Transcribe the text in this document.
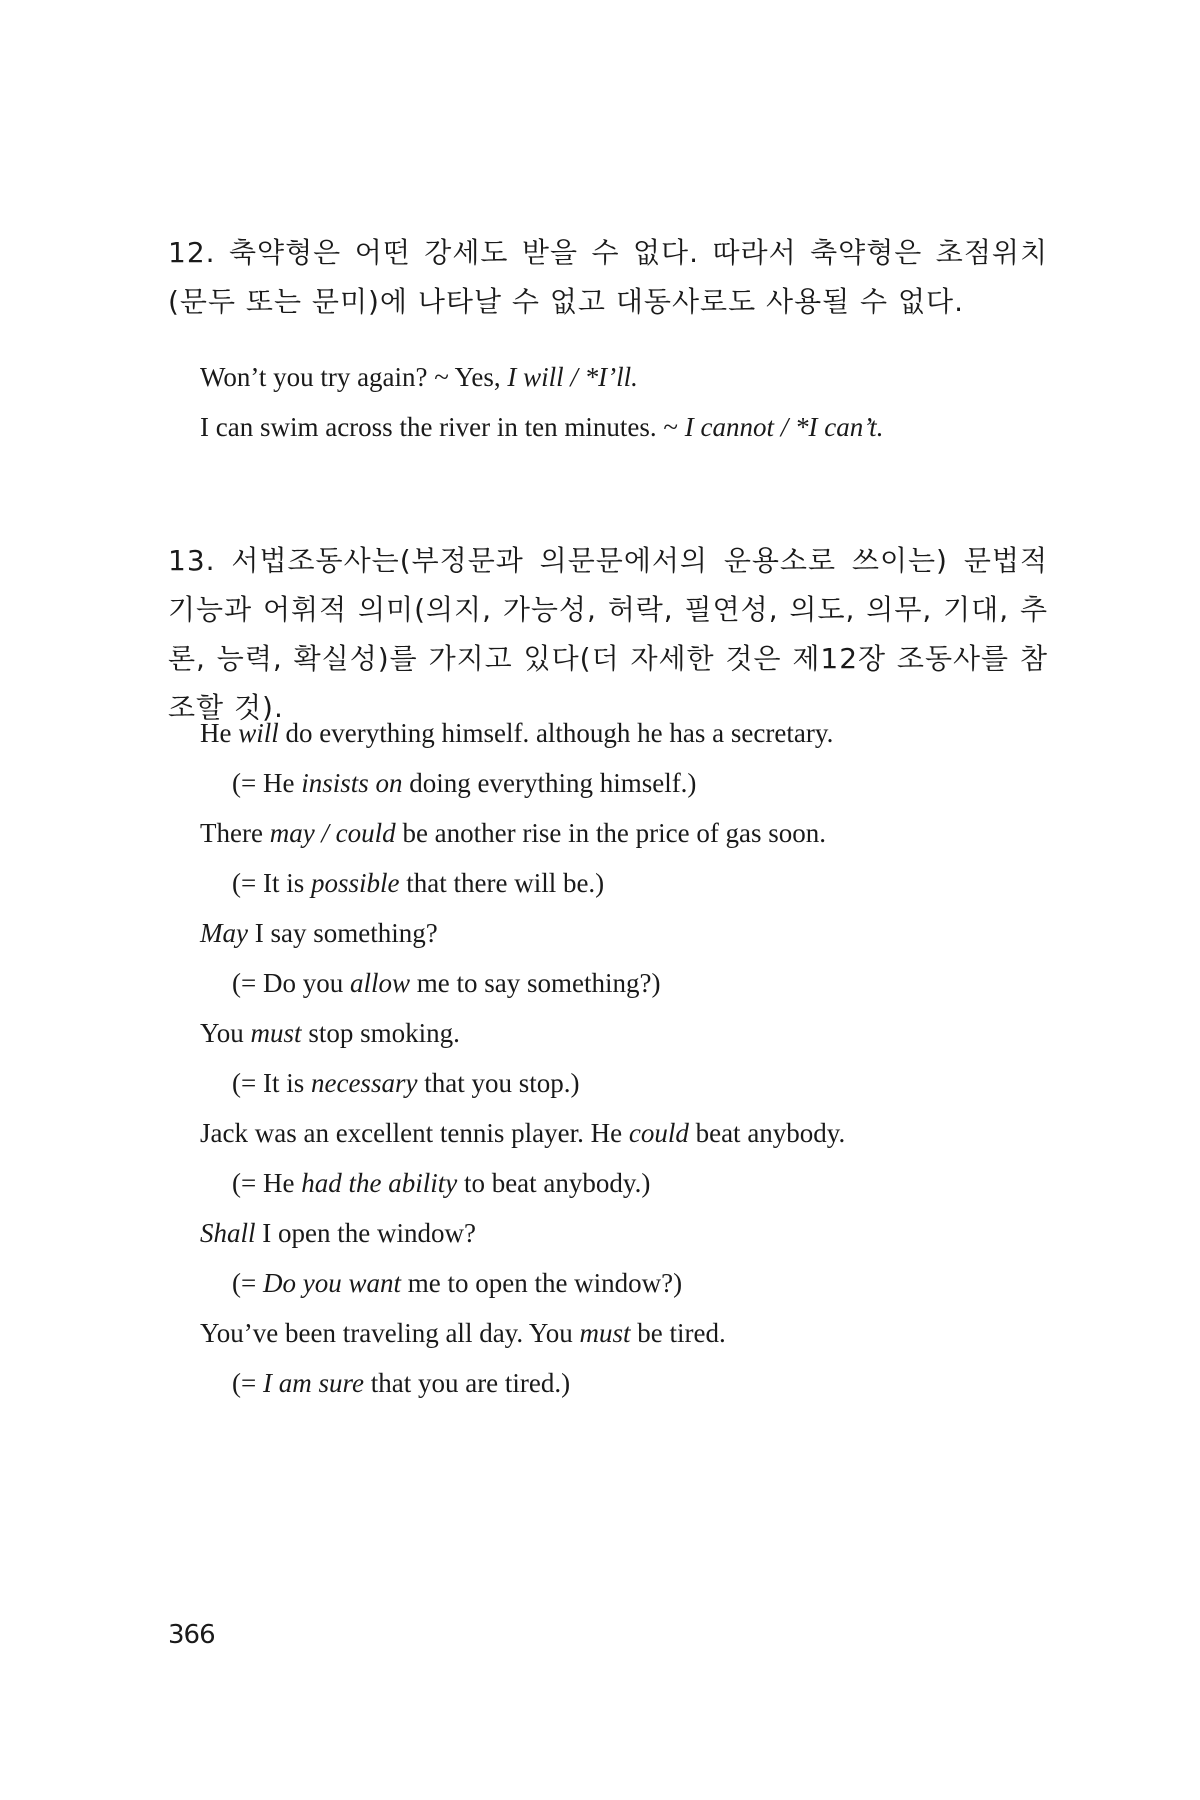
12. 축약형은 어떤 강세도 받을 수 없다. 따라서 축약형은 초점위치 (문두 또는 문미)에 나타날 수 없고 대동사로도 사용될 수 없다.

Won’t you try again? ~ Yes, I will / *I’ll.
I can swim across the river in ten minutes. ~ I cannot / *I can’t.

13. 서법조동사는(부정문과 의문문에서의 운용소로 쓰이는) 문법적 기능과 어휘적 의미(의지, 가능성, 허락, 필연성, 의도, 의무, 기대, 추론, 능력, 확실성)를 가지고 있다(더 자세한 것은 제12장 조동사를 참조할 것).

He will do everything himself. although he has a secretary.
(= He insists on doing everything himself.)
There may / could be another rise in the price of gas soon.
(= It is possible that there will be.)
May I say something?
(= Do you allow me to say something?)
You must stop smoking.
(= It is necessary that you stop.)
Jack was an excellent tennis player. He could beat anybody.
(= He had the ability to beat anybody.)
Shall I open the window?
(= Do you want me to open the window?)
You’ve been traveling all day. You must be tired.
(= I am sure that you are tired.)
366
